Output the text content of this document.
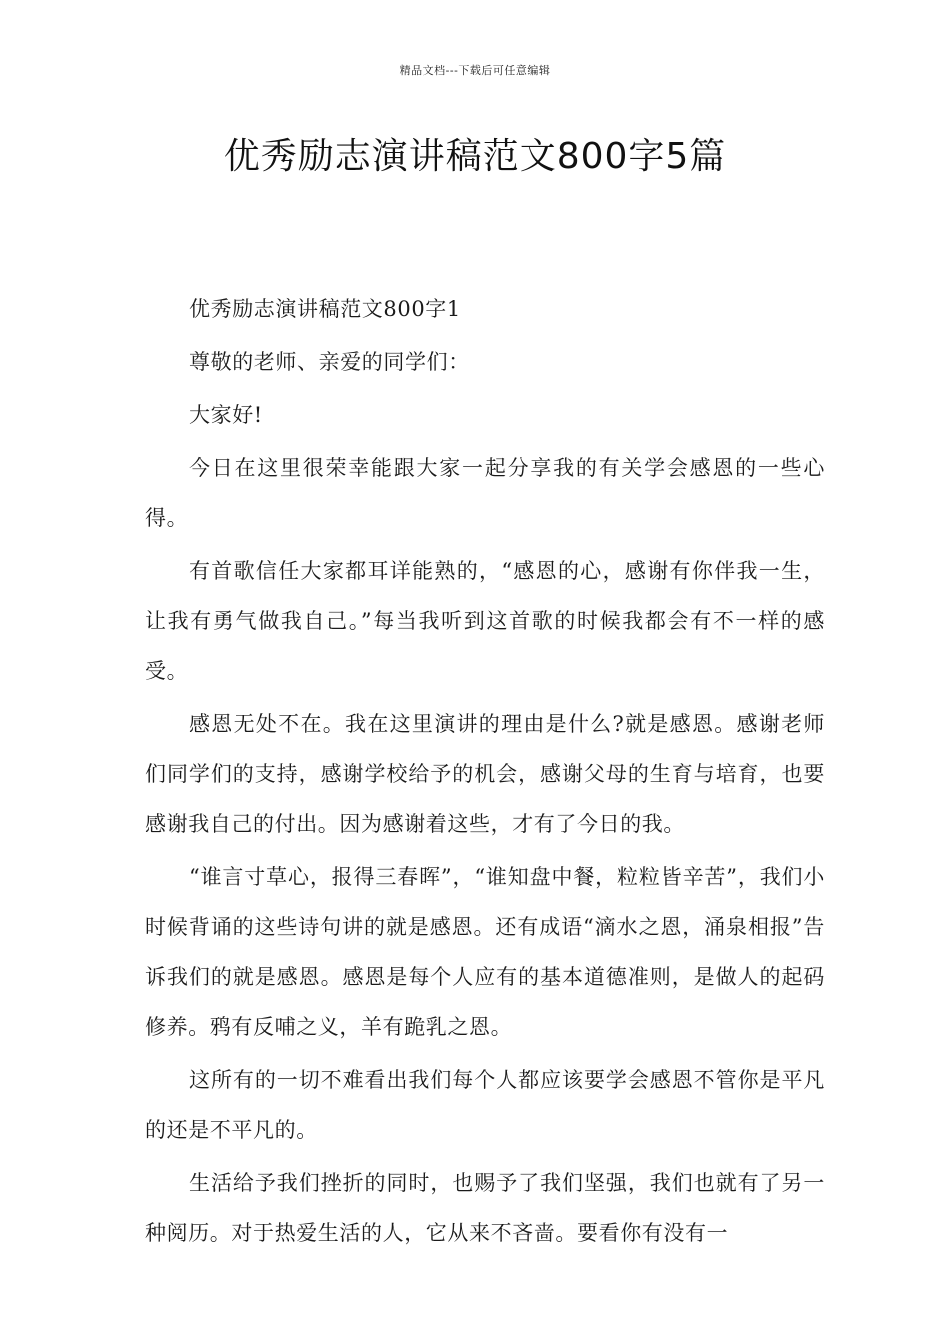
精品文档---下载后可任意编辑
优秀励志演讲稿范文800字5篇

优秀励志演讲稿范文800字1

尊敬的老师、亲爱的同学们：

大家好!

今日在这里很荣幸能跟大家一起分享我的有关学会感恩的一些心得。

有首歌信任大家都耳详能熟的，“感恩的心，感谢有你伴我一生，让我有勇气做我自己。”每当我听到这首歌的时候我都会有不一样的感受。

感恩无处不在。我在这里演讲的理由是什么?就是感恩。感谢老师们同学们的支持，感谢学校给予的机会，感谢父母的生育与培育，也要感谢我自己的付出。因为感谢着这些，才有了今日的我。

“谁言寸草心，报得三春晖”，“谁知盘中餐，粒粒皆辛苦”，我们小时候背诵的这些诗句讲的就是感恩。还有成语“滴水之恩，涌泉相报”告诉我们的就是感恩。感恩是每个人应有的基本道德准则，是做人的起码修养。鸦有反哺之义，羊有跪乳之恩。

这所有的一切不难看出我们每个人都应该要学会感恩不管你是平凡的还是不平凡的。

生活给予我们挫折的同时，也赐予了我们坚强，我们也就有了另一种阅历。对于热爱生活的人，它从来不吝啬。要看你有没有一
